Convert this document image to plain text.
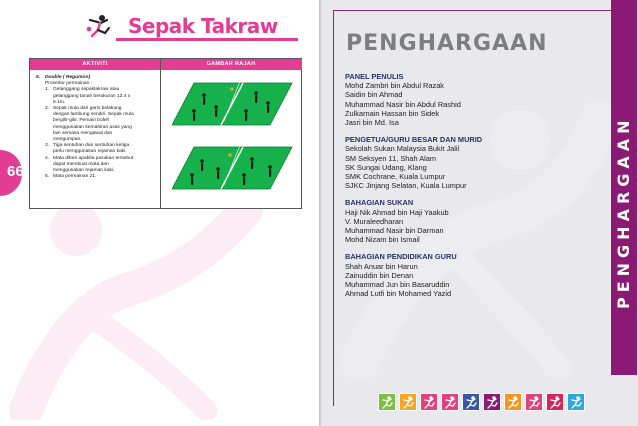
Sepak Takraw
66
AKTIVITI	GAMBAR RAJAH
5. Double ( Regumon)
Prosedur permainan :
1. Gelanggang sepaktakraw atau
gelanggang tanah berukuran 13.4 x
6.1m.
2. Sepak mula dari garis belakang
dengan lambung sendiri. Sepak mula
bergilir-gilir. Pemain boleh
menggunakan kemahiran asas yang
lain semasa mengawal dan
mengumpan.
3. Tiga sentuhan dan sentuhan ketiga
perlu menggunakan rejaman kaki.
4. Mata diberi apabila pasukan tersebut
dapat membuat mata dan
menggunakan rejaman kaki.
5. Mata permainan 21.	PENGHARGAAN
PENGHARGAAN
PANEL PENULIS
Mohd Zambri bin Abdul Razak
Saidin bin Ahmad
Muhammad Nasir bin Abdul Rashid
Zulkarnain Hassan bin Sidek
Jasri bin Md. Isa
PENGETUA/GURU BESAR DAN MURID
Sekolah Sukan Malaysia Bukit Jalil
SM Seksyen 11, Shah Alam
SK Sungai Udang, Klang
SMK Cochrane, Kuala Lumpur
SJKC Jinjang Selatan, Kuala Lumpur
BAHAGIAN SUKAN
Haji Nik Ahmad bin Haji Yaakub
V. Muraleedharan
Muhammad Nasir bin Darman
Mohd Nizam bin Ismail
BAHAGIAN PENDIDIKAN GURU
Shah Anuar bin Harun
Zainuddin bin Denan
Muhammad Jun bin Basaruddin
Ahmad Lutfi bin Mohamed Yazid
